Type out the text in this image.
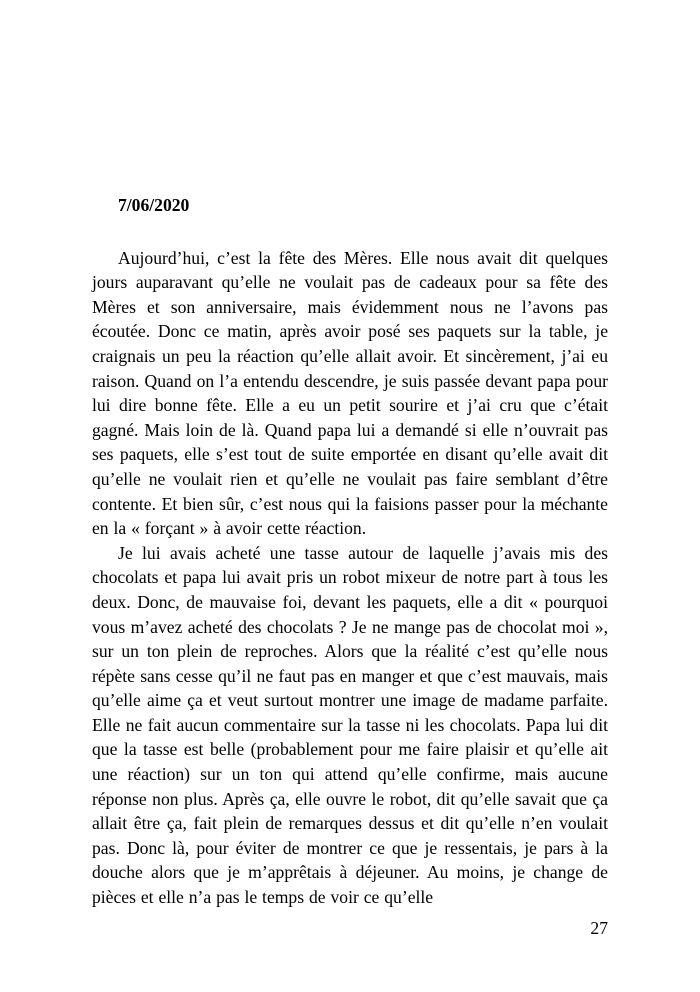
7/06/2020

Aujourd’hui, c’est la fête des Mères. Elle nous avait dit quelques jours auparavant qu’elle ne voulait pas de cadeaux pour sa fête des Mères et son anniversaire, mais évidemment nous ne l’avons pas écoutée. Donc ce matin, après avoir posé ses paquets sur la table, je craignais un peu la réaction qu’elle allait avoir. Et sincèrement, j’ai eu raison. Quand on l’a entendu descendre, je suis passée devant papa pour lui dire bonne fête. Elle a eu un petit sourire et j’ai cru que c’était gagné. Mais loin de là. Quand papa lui a demandé si elle n’ouvrait pas ses paquets, elle s’est tout de suite emportée en disant qu’elle avait dit qu’elle ne voulait rien et qu’elle ne voulait pas faire semblant d’être contente. Et bien sûr, c’est nous qui la faisions passer pour la méchante en la « forçant » à avoir cette réaction.

Je lui avais acheté une tasse autour de laquelle j’avais mis des chocolats et papa lui avait pris un robot mixeur de notre part à tous les deux. Donc, de mauvaise foi, devant les paquets, elle a dit « pourquoi vous m’avez acheté des chocolats ? Je ne mange pas de chocolat moi », sur un ton plein de reproches. Alors que la réalité c’est qu’elle nous répète sans cesse qu’il ne faut pas en manger et que c’est mauvais, mais qu’elle aime ça et veut surtout montrer une image de madame parfaite. Elle ne fait aucun commentaire sur la tasse ni les chocolats. Papa lui dit que la tasse est belle (probablement pour me faire plaisir et qu’elle ait une réaction) sur un ton qui attend qu’elle confirme, mais aucune réponse non plus. Après ça, elle ouvre le robot, dit qu’elle savait que ça allait être ça, fait plein de remarques dessus et dit qu’elle n’en voulait pas. Donc là, pour éviter de montrer ce que je ressentais, je pars à la douche alors que je m’apprêtais à déjeuner. Au moins, je change de pièces et elle n’a pas le temps de voir ce qu’elle

27
